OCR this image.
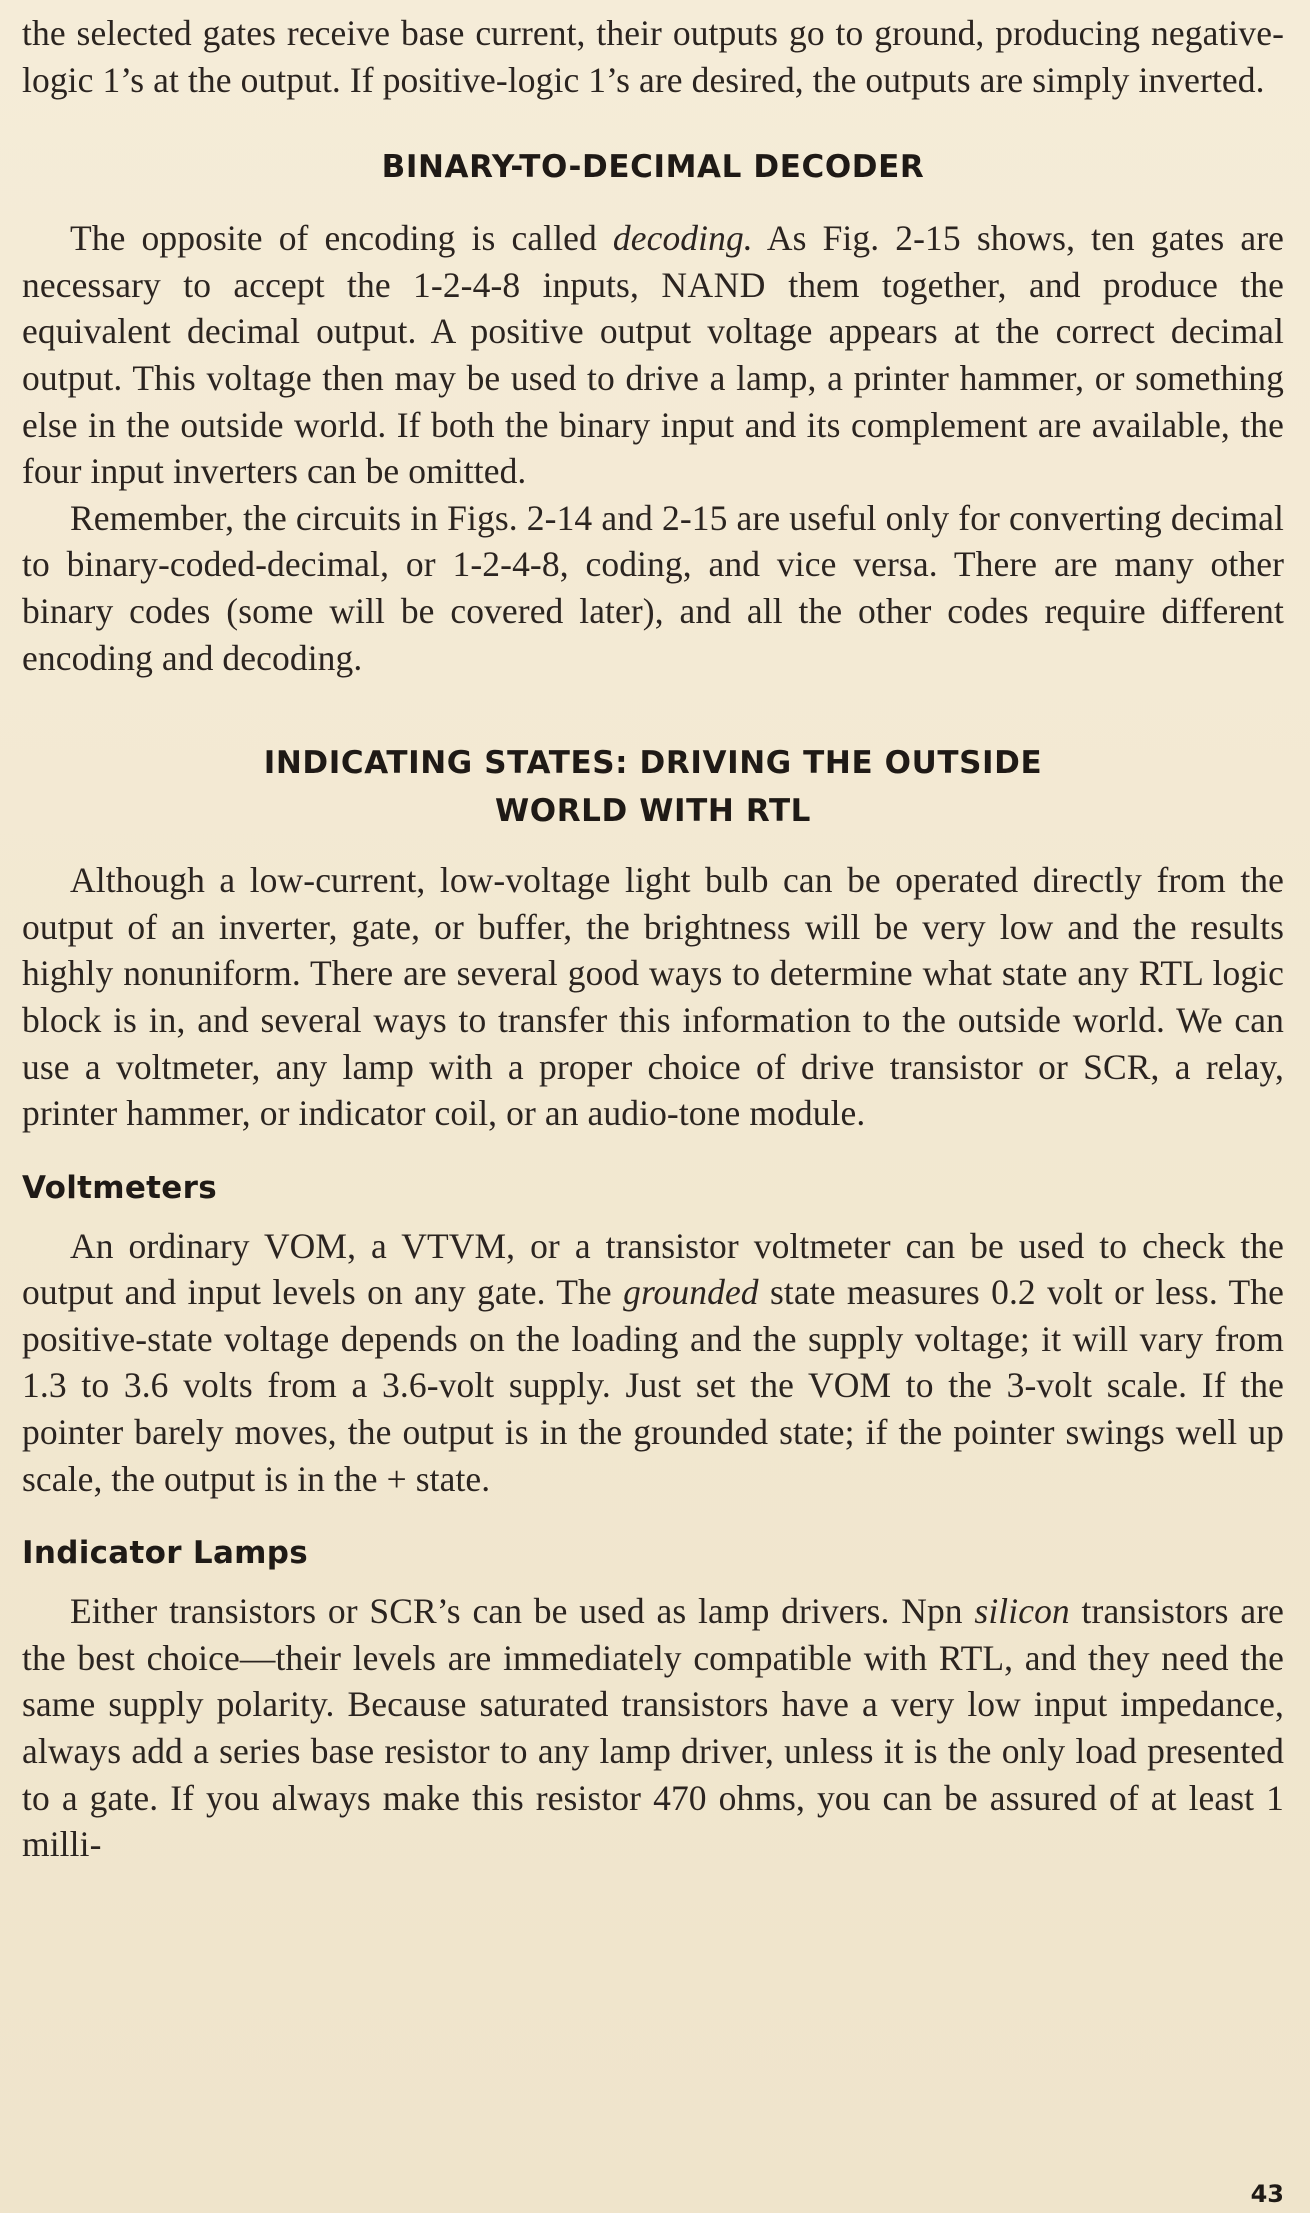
the selected gates receive base current, their outputs go to ground, producing negative-logic 1’s at the output. If positive-logic 1’s are desired, the outputs are simply inverted.

BINARY-TO-DECIMAL DECODER

The opposite of encoding is called decoding. As Fig. 2-15 shows, ten gates are necessary to accept the 1-2-4-8 inputs, NAND them together, and produce the equivalent decimal output. A positive output voltage appears at the correct decimal output. This voltage then may be used to drive a lamp, a printer hammer, or something else in the outside world. If both the binary input and its complement are available, the four input inverters can be omitted.

Remember, the circuits in Figs. 2-14 and 2-15 are useful only for converting decimal to binary-coded-decimal, or 1-2-4-8, coding, and vice versa. There are many other binary codes (some will be covered later), and all the other codes require different encoding and decoding.

INDICATING STATES: DRIVING THE OUTSIDE
WORLD WITH RTL

Although a low-current, low-voltage light bulb can be operated directly from the output of an inverter, gate, or buffer, the brightness will be very low and the results highly nonuniform. There are several good ways to determine what state any RTL logic block is in, and several ways to transfer this information to the outside world. We can use a voltmeter, any lamp with a proper choice of drive transistor or SCR, a relay, printer hammer, or indicator coil, or an audio-tone module.

Voltmeters

An ordinary VOM, a VTVM, or a transistor voltmeter can be used to check the output and input levels on any gate. The grounded state measures 0.2 volt or less. The positive-state voltage depends on the loading and the supply voltage; it will vary from 1.3 to 3.6 volts from a 3.6-volt supply. Just set the VOM to the 3-volt scale. If the pointer barely moves, the output is in the grounded state; if the pointer swings well up scale, the output is in the + state.

Indicator Lamps

Either transistors or SCR’s can be used as lamp drivers. Npn silicon transistors are the best choice—their levels are immediately compatible with RTL, and they need the same supply polarity. Because saturated transistors have a very low input impedance, always add a series base resistor to any lamp driver, unless it is the only load presented to a gate. If you always make this resistor 470 ohms, you can be assured of at least 1 milli-

43
